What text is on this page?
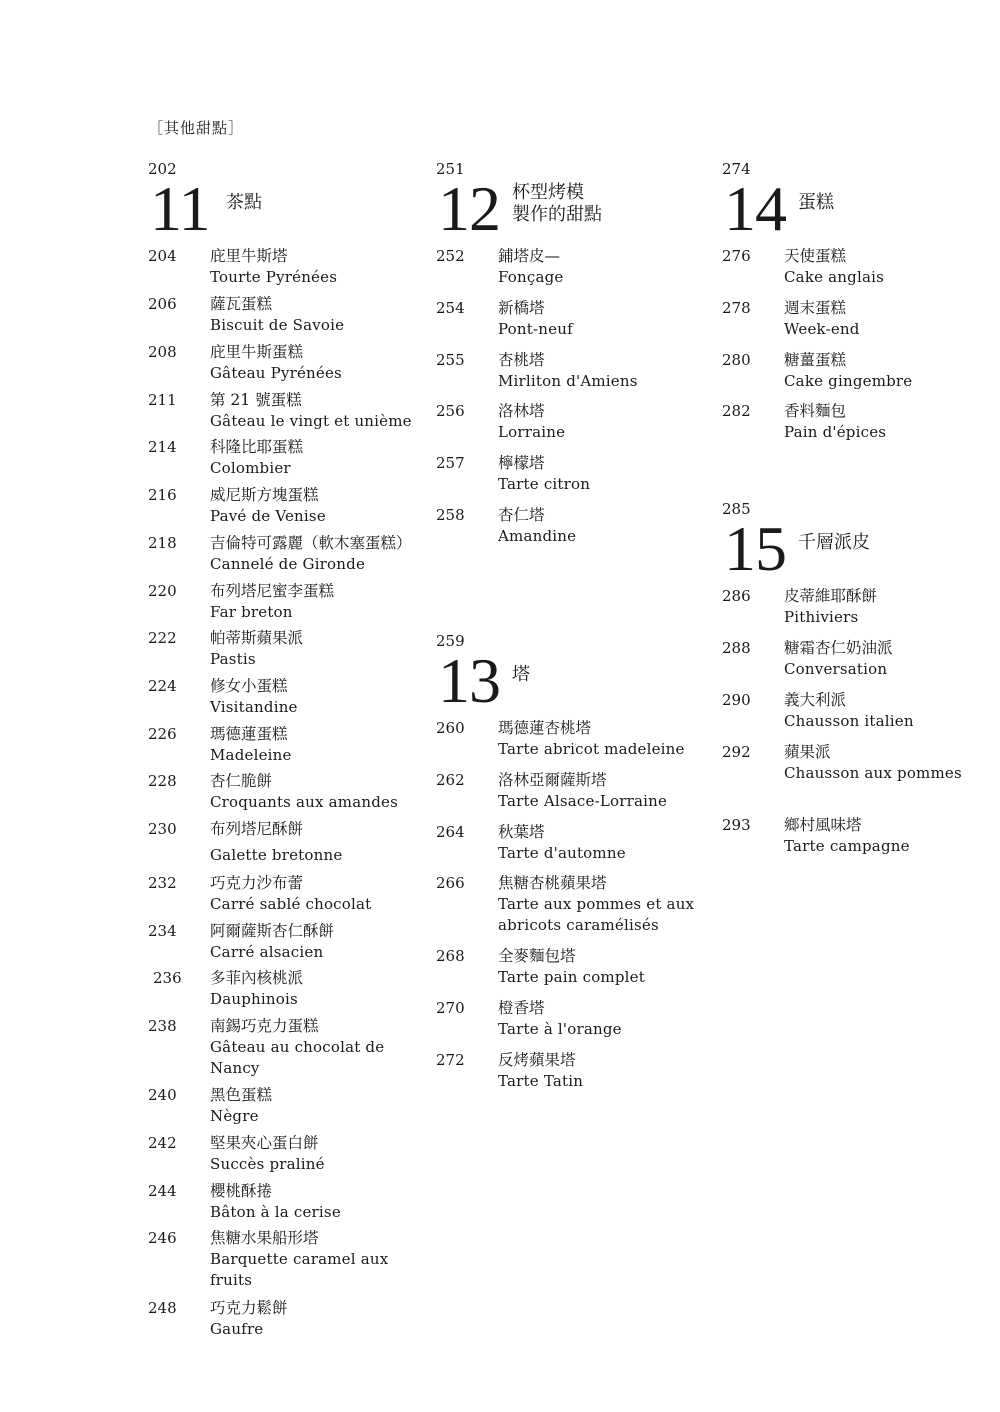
［其他甜點］
202
11 茶點
204	庇里牛斯塔
Tourte Pyrénées
206	薩瓦蛋糕
Biscuit de Savoie
208	庇里牛斯蛋糕
Gâteau Pyrénées
211	第 21 號蛋糕
Gâteau le vingt et unième
214	科隆比耶蛋糕
Colombier
216	威尼斯方塊蛋糕
Pavé de Venise
218	吉倫特可露麗（軟木塞蛋糕）
Cannelé de Gironde
220	布列塔尼蜜李蛋糕
Far breton
222	帕蒂斯蘋果派
Pastis
224	修女小蛋糕
Visitandine
226	瑪德蓮蛋糕
Madeleine
228	杏仁脆餅
Croquants aux amandes
230	布列塔尼酥餅
Galette bretonne
232	巧克力沙布蕾
Carré sablé chocolat
234	阿爾薩斯杏仁酥餅
Carré alsacien
236	多菲內核桃派
Dauphinois
238	南錫巧克力蛋糕
Gâteau au chocolat de Nancy
240	黑色蛋糕
Nègre
242	堅果夾心蛋白餅
Succès praliné
244	櫻桃酥捲
Bâton à la cerise
246	焦糖水果船形塔
Barquette caramel aux fruits
248	巧克力鬆餅
Gaufre
251
12 杯型烤模
製作的甜點
252	鋪塔皮—
Fonçage
254	新橋塔
Pont-neuf
255	杏桃塔
Mirliton d'Amiens
256	洛林塔
Lorraine
257	檸檬塔
Tarte citron
258	杏仁塔
Amandine
259
13 塔
260	瑪德蓮杏桃塔
Tarte abricot madeleine
262	洛林亞爾薩斯塔
Tarte Alsace-Lorraine
264	秋葉塔
Tarte d'automne
266	焦糖杏桃蘋果塔
Tarte aux pommes et aux abricots caramélisés
268	全麥麵包塔
Tarte pain complet
270	橙香塔
Tarte à l'orange
272	反烤蘋果塔
Tarte Tatin
274
14 蛋糕
276	天使蛋糕
Cake anglais
278	週末蛋糕
Week-end
280	糖薑蛋糕
Cake gingembre
282	香料麵包
Pain d'épices
285
15 千層派皮
286	皮蒂維耶酥餅
Pithiviers
288	糖霜杏仁奶油派
Conversation
290	義大利派
Chausson italien
292	蘋果派
Chausson aux pommes
293	鄉村風味塔
Tarte campagne
